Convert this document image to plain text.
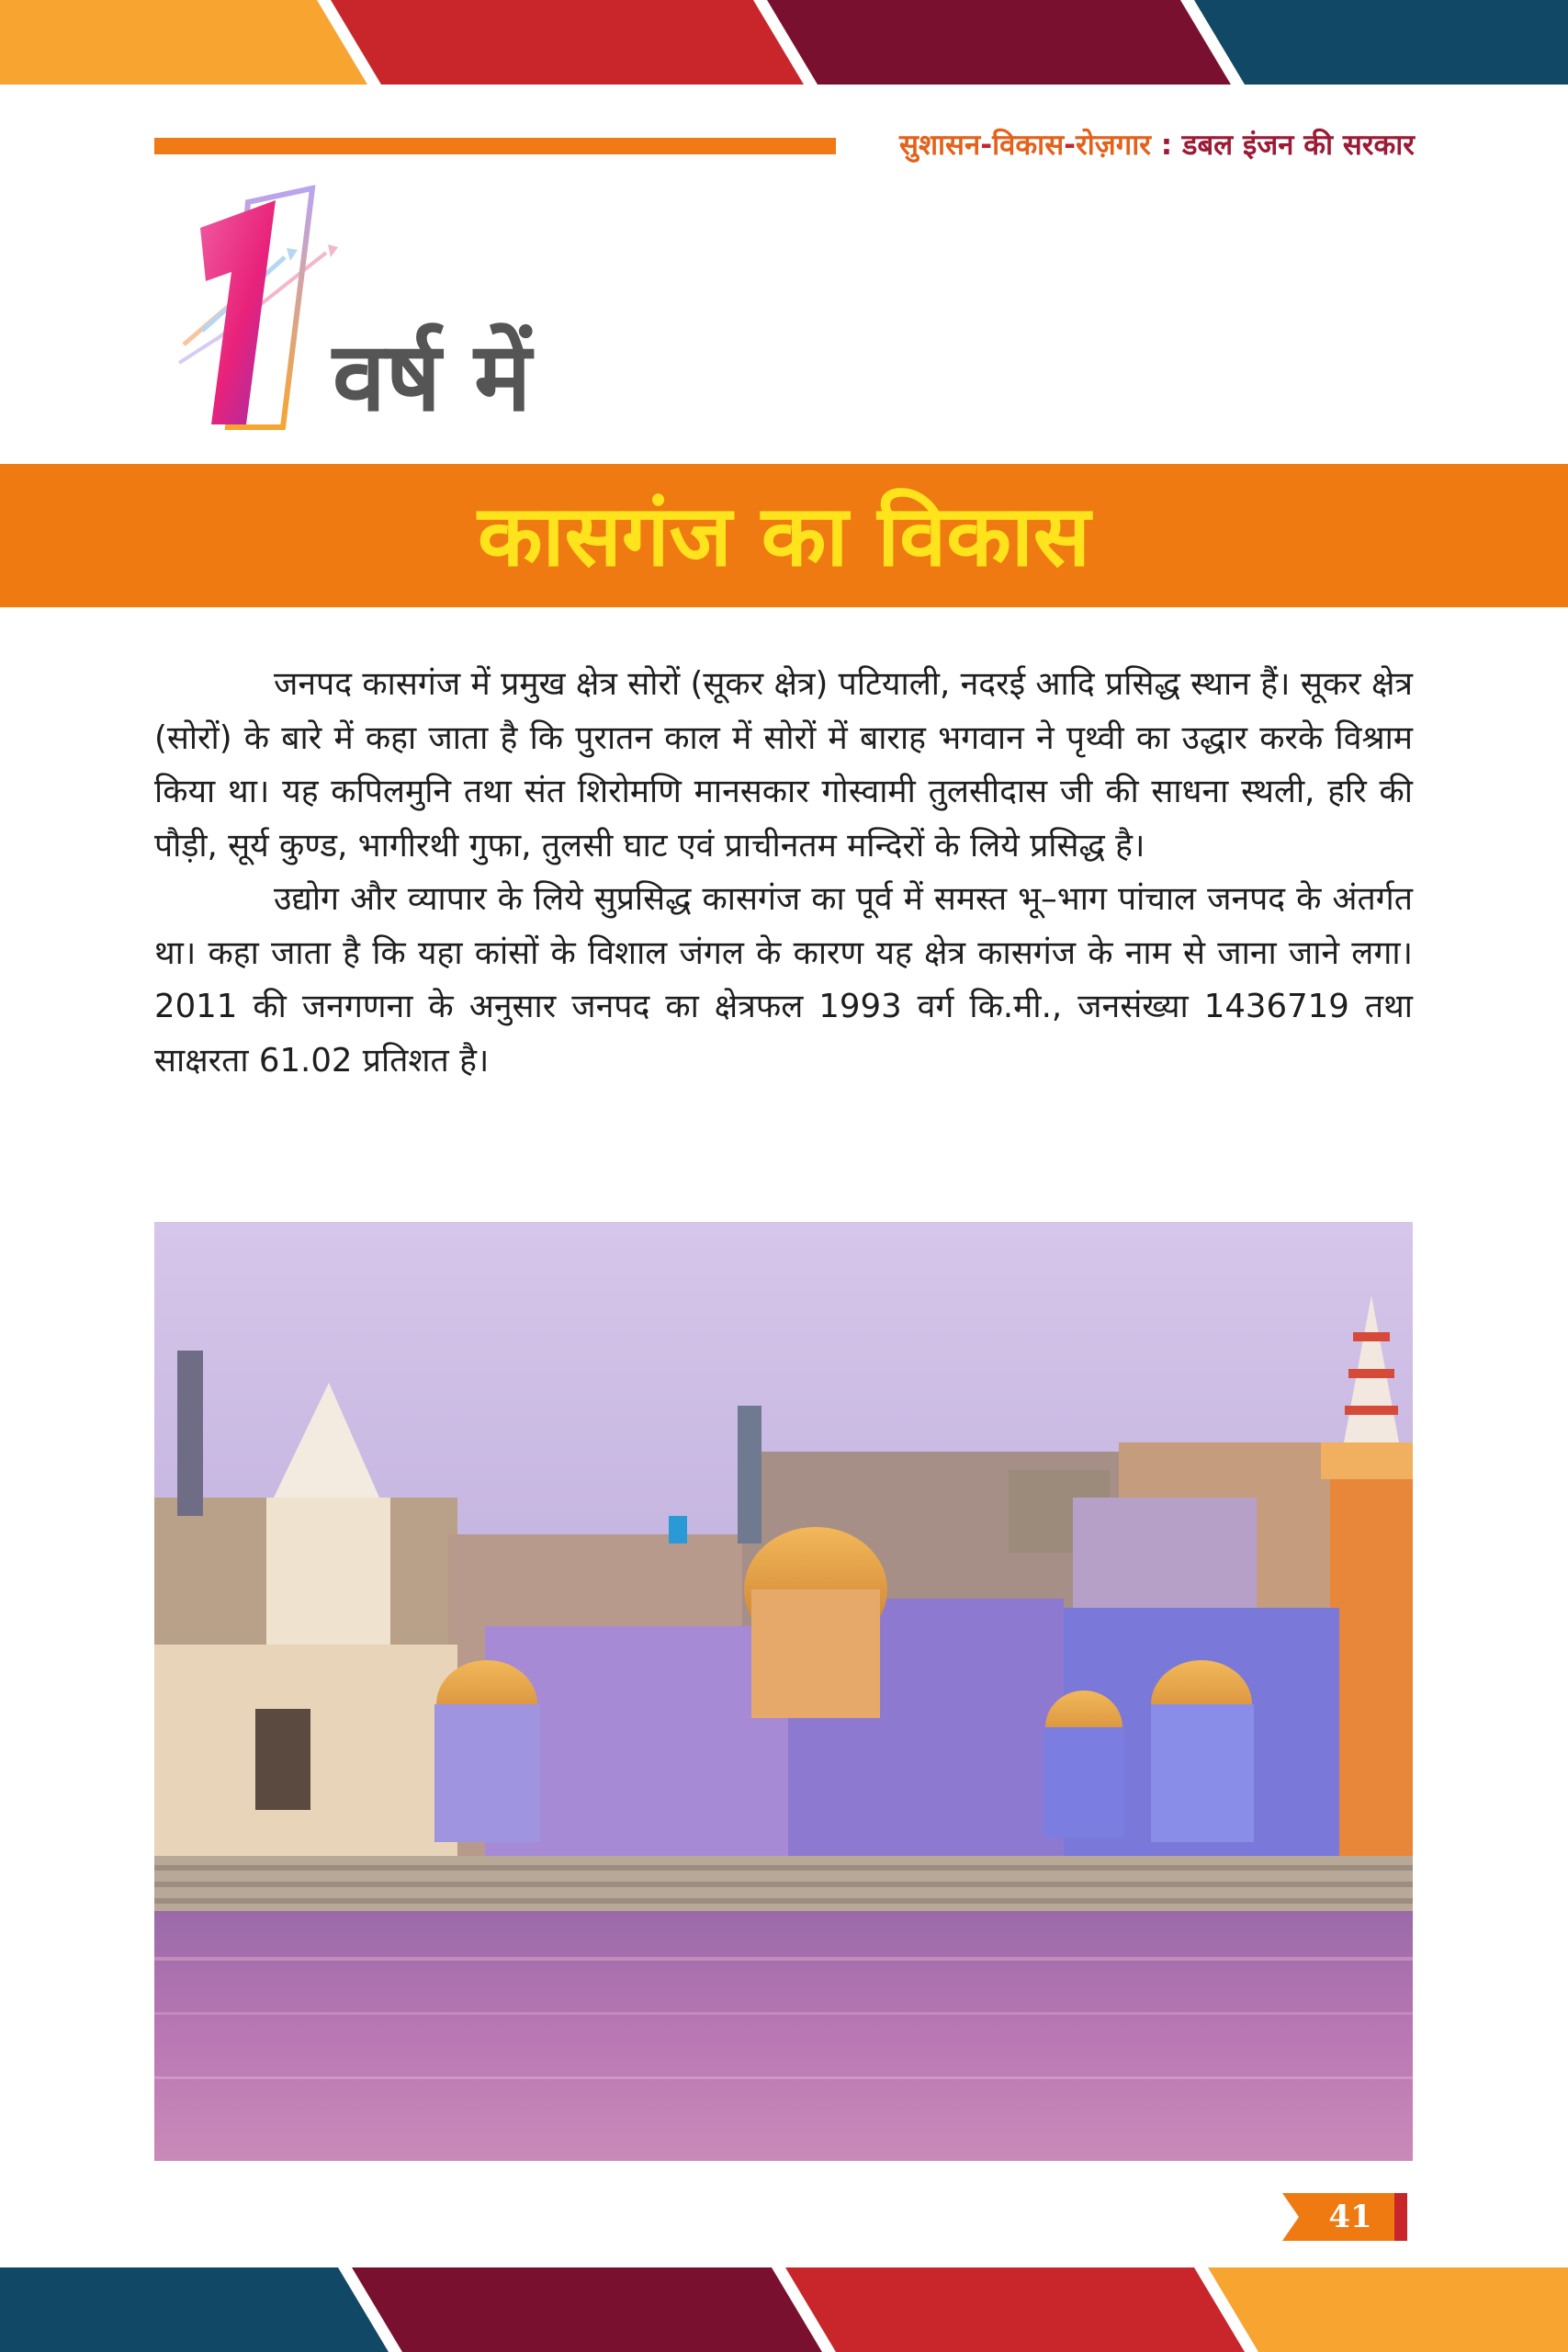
सुशासन-विकास-रोज़गार : डबल इंजन की सरकार
वर्ष में
कासगंज का विकास

जनपद कासगंज में प्रमुख क्षेत्र सोरों (सूकर क्षेत्र) पटियाली, नदरई आदि प्रसिद्ध स्थान हैं। सूकर क्षेत्र (सोरों) के बारे में कहा जाता है कि पुरातन काल में सोरों में बाराह भगवान ने पृथ्वी का उद्धार करके विश्राम किया था। यह कपिलमुनि तथा संत शिरोमणि मानसकार गोस्वामी तुलसीदास जी की साधना स्थली, हरि की पौड़ी, सूर्य कुण्ड, भागीरथी गुफा, तुलसी घाट एवं प्राचीनतम मन्दिरों के लिये प्रसिद्ध है।

उद्योग और व्यापार के लिये सुप्रसिद्ध कासगंज का पूर्व में समस्त भू–भाग पांचाल जनपद के अंतर्गत था। कहा जाता है कि यहा कांसों के विशाल जंगल के कारण यह क्षेत्र कासगंज के नाम से जाना जाने लगा। 2011 की जनगणना के अनुसार जनपद का क्षेत्रफल 1993 वर्ग कि.मी., जनसंख्या 1436719 तथा साक्षरता 61.02 प्रतिशत है।

41
